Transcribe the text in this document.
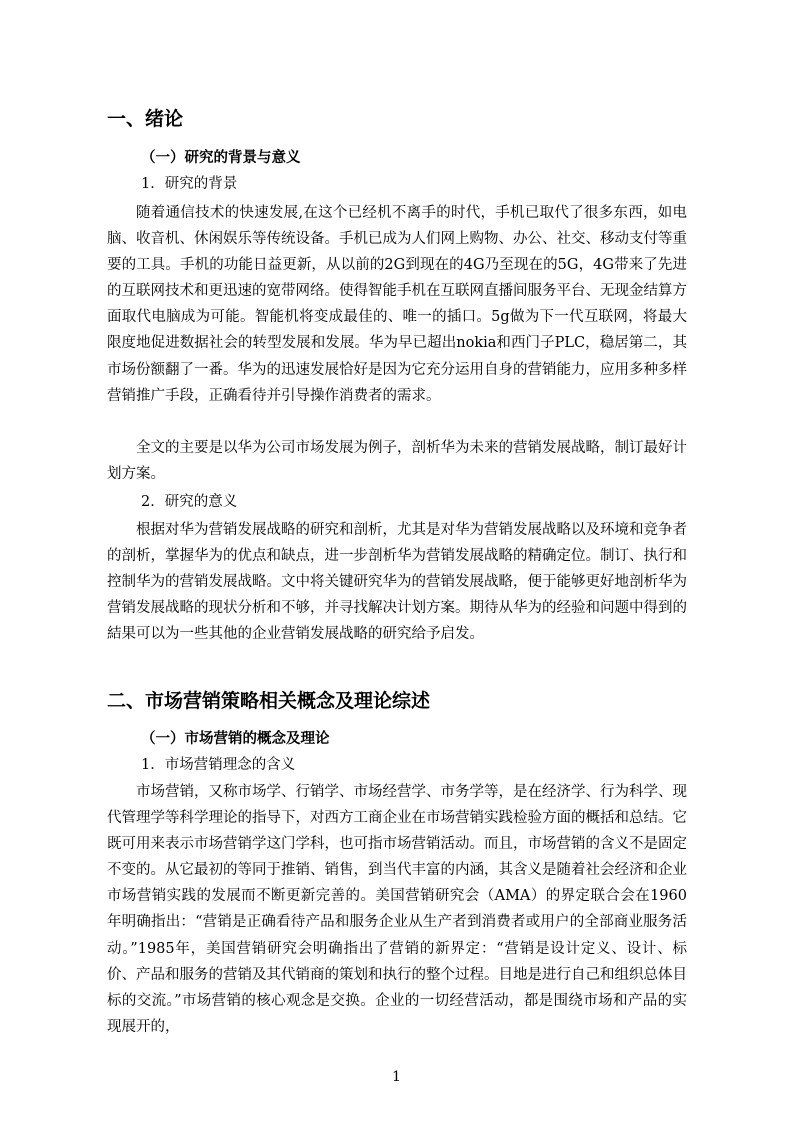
一、绪论
（一）研究的背景与意义
1．研究的背景

随着通信技术的快速发展,在这个已经机不离手的时代，手机已取代了很多东西，如电脑、收音机、休闲娱乐等传统设备。手机已成为人们网上购物、办公、社交、移动支付等重要的工具。手机的功能日益更新，从以前的2G到现在的4G乃至现在的5G，4G带来了先进的互联网技术和更迅速的宽带网络。使得智能手机在互联网直播间服务平台、无现金结算方面取代电脑成为可能。智能机将变成最佳的、唯一的插口。5g做为下一代互联网，将最大限度地促进数据社会的转型发展和发展。华为早已超出nokia和西门子PLC，稳居第二，其市场份额翻了一番。华为的迅速发展恰好是因为它充分运用自身的营销能力，应用多种多样营销推广手段，正确看待并引导操作消费者的需求。

全文的主要是以华为公司市场发展为例子，剖析华为未来的营销发展战略，制订最好计划方案。

2．研究的意义

根据对华为营销发展战略的研究和剖析，尤其是对华为营销发展战略以及环境和竞争者的剖析，掌握华为的优点和缺点，进一步剖析华为营销发展战略的精确定位。制订、执行和控制华为的营销发展战略。文中将关键研究华为的营销发展战略，便于能够更好地剖析华为营销发展战略的现状分析和不够，并寻找解决计划方案。期待从华为的经验和问题中得到的結果可以为一些其他的企业营销发展战略的研究给予启发。

二、市场营销策略相关概念及理论综述
（一）市场营销的概念及理论
1．市场营销理念的含义

市场营销，又称市场学、行销学、市场经营学、市务学等，是在经济学、行为科学、现代管理学等科学理论的指导下，对西方工商企业在市场营销实践检验方面的概括和总结。它既可用来表示市场营销学这门学科，也可指市场营销活动。而且，市场营销的含义不是固定不变的。从它最初的等同于推销、销售，到当代丰富的内涵，其含义是随着社会经济和企业市场营销实践的发展而不断更新完善的。美国营销研究会（AMA）的界定联合会在1960年明确指出：“营销是正确看待产品和服务企业从生产者到消费者或用户的全部商业服务活动。”1985年，美国营销研究会明确指出了营销的新界定：“营销是设计定义、设计、标价、产品和服务的营销及其代销商的策划和执行的整个过程。目地是进行自己和组织总体目标的交流。”市场营销的核心观念是交换。企业的一切经营活动，都是围绕市场和产品的实现展开的，

1
